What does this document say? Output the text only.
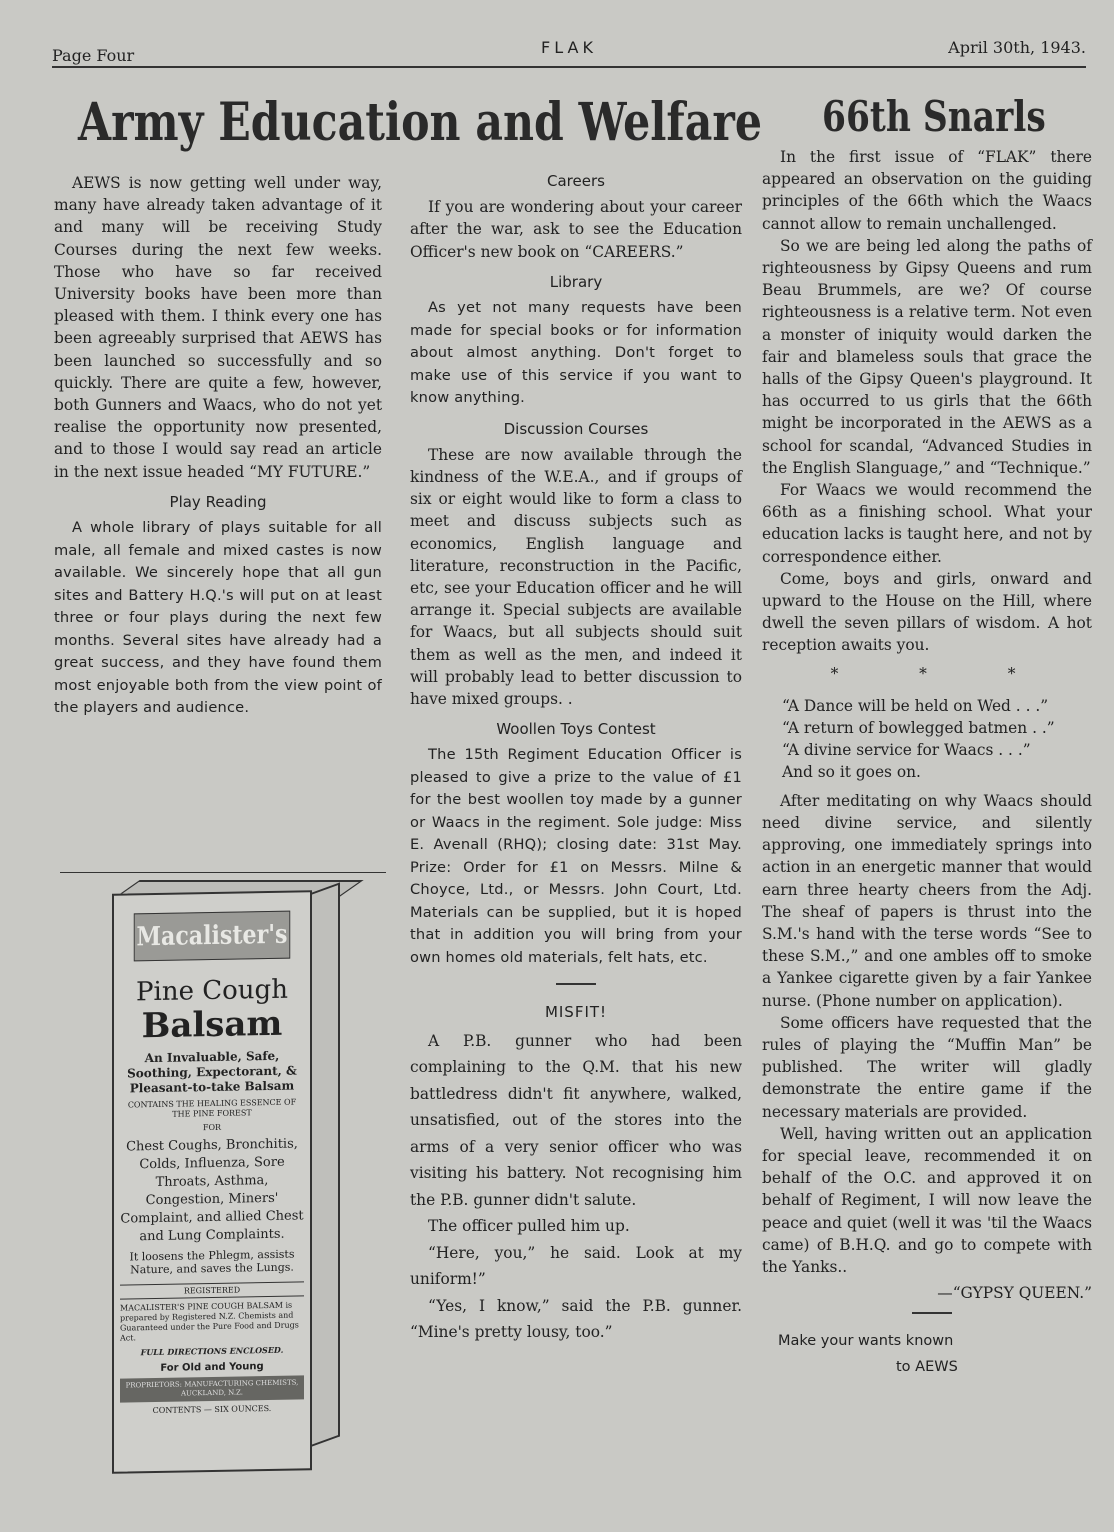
Page Four	FLAK	April 30th, 1943.
Army Education and Welfare 66th Snarls

AEWS is now getting well under way, many have already taken advantage of it and many will be receiving Study Courses during the next few weeks. Those who have so far received University books have been more than pleased with them. I think every one has been agreeably surprised that AEWS has been launched so successfully and so quickly. There are quite a few, however, both Gunners and Waacs, who do not yet realise the opportunity now presented, and to those I would say read an article in the next issue headed “MY FUTURE.”

Play Reading

A whole library of plays suitable for all male, all female and mixed castes is now available. We sincerely hope that all gun sites and Battery H.Q.'s will put on at least three or four plays during the next few months. Several sites have already had a great success, and they have found them most enjoyable both from the view point of the players and audience.

Macalister's
Pine Cough
Balsam
An Invaluable, Safe, Soothing, Expectorant, & Pleasant-to-take Balsam
CONTAINS THE HEALING ESSENCE OF THE PINE FOREST
FOR
Chest Coughs, Bronchitis, Colds, Influenza, Sore Throats, Asthma, Congestion, Miners' Complaint, and allied Chest and Lung Complaints.
It loosens the Phlegm, assists Nature, and saves the Lungs.
REGISTERED
MACALISTER'S PINE COUGH BALSAM is prepared by Registered N.Z. Chemists and Guaranteed under the Pure Food and Drugs Act.
FULL DIRECTIONS ENCLOSED.
For Old and Young
PROPRIETORS: MANUFACTURING CHEMISTS, AUCKLAND, N.Z.
CONTENTS — SIX OUNCES.
Careers

If you are wondering about your career after the war, ask to see the Education Officer's new book on “CAREERS.”

Library

As yet not many requests have been made for special books or for information about almost anything. Don't forget to make use of this service if you want to know anything.

Discussion Courses

These are now available through the kindness of the W.E.A., and if groups of six or eight would like to form a class to meet and discuss subjects such as economics, English language and literature, reconstruction in the Pacific, etc, see your Education officer and he will arrange it. Special subjects are available for Waacs, but all subjects should suit them as well as the men, and indeed it will probably lead to better discussion to have mixed groups. .

Woollen Toys Contest

The 15th Regiment Education Officer is pleased to give a prize to the value of £1 for the best woollen toy made by a gunner or Waacs in the regiment. Sole judge: Miss E. Avenall (RHQ); closing date: 31st May. Prize: Order for £1 on Messrs. Milne & Choyce, Ltd., or Messrs. John Court, Ltd. Materials can be supplied, but it is hoped that in addition you will bring from your own homes old materials, felt hats, etc.

MISFIT!

A P.B. gunner who had been complaining to the Q.M. that his new battledress didn't fit anywhere, walked, unsatisfied, out of the stores into the arms of a very senior officer who was visiting his battery. Not recognising him the P.B. gunner didn't salute.

The officer pulled him up.

“Here, you,” he said. Look at my uniform!”

“Yes, I know,” said the P.B. gunner. “Mine's pretty lousy, too.”

In the first issue of “FLAK” there appeared an observation on the guiding principles of the 66th which the Waacs cannot allow to remain unchallenged.

So we are being led along the paths of righteousness by Gipsy Queens and rum Beau Brummels, are we? Of course righteousness is a relative term. Not even a monster of iniquity would darken the fair and blameless souls that grace the halls of the Gipsy Queen's playground. It has occurred to us girls that the 66th might be incorporated in the AEWS as a school for scandal, “Advanced Studies in the English Slanguage,” and “Technique.”

For Waacs we would recommend the 66th as a finishing school. What your education lacks is taught here, and not by correspondence either.

Come, boys and girls, onward and upward to the House on the Hill, where dwell the seven pillars of wisdom. A hot reception awaits you.

* * *

“A Dance will be held on Wed . . .”

“A return of bowlegged batmen . .”

“A divine service for Waacs . . .”

And so it goes on.

After meditating on why Waacs should need divine service, and silently approving, one immediately springs into action in an energetic manner that would earn three hearty cheers from the Adj. The sheaf of papers is thrust into the S.M.'s hand with the terse words “See to these S.M.,” and one ambles off to smoke a Yankee cigarette given by a fair Yankee nurse. (Phone number on application).

Some officers have requested that the rules of playing the “Muffin Man” be published. The writer will gladly demonstrate the entire game if the necessary materials are provided.

Well, having written out an application for special leave, recommended it on behalf of the O.C. and approved it on behalf of Regiment, I will now leave the peace and quiet (well it was 'til the Waacs came) of B.H.Q. and go to compete with the Yanks..

—“GYPSY QUEEN.”
Make your wants known
to AEWS
